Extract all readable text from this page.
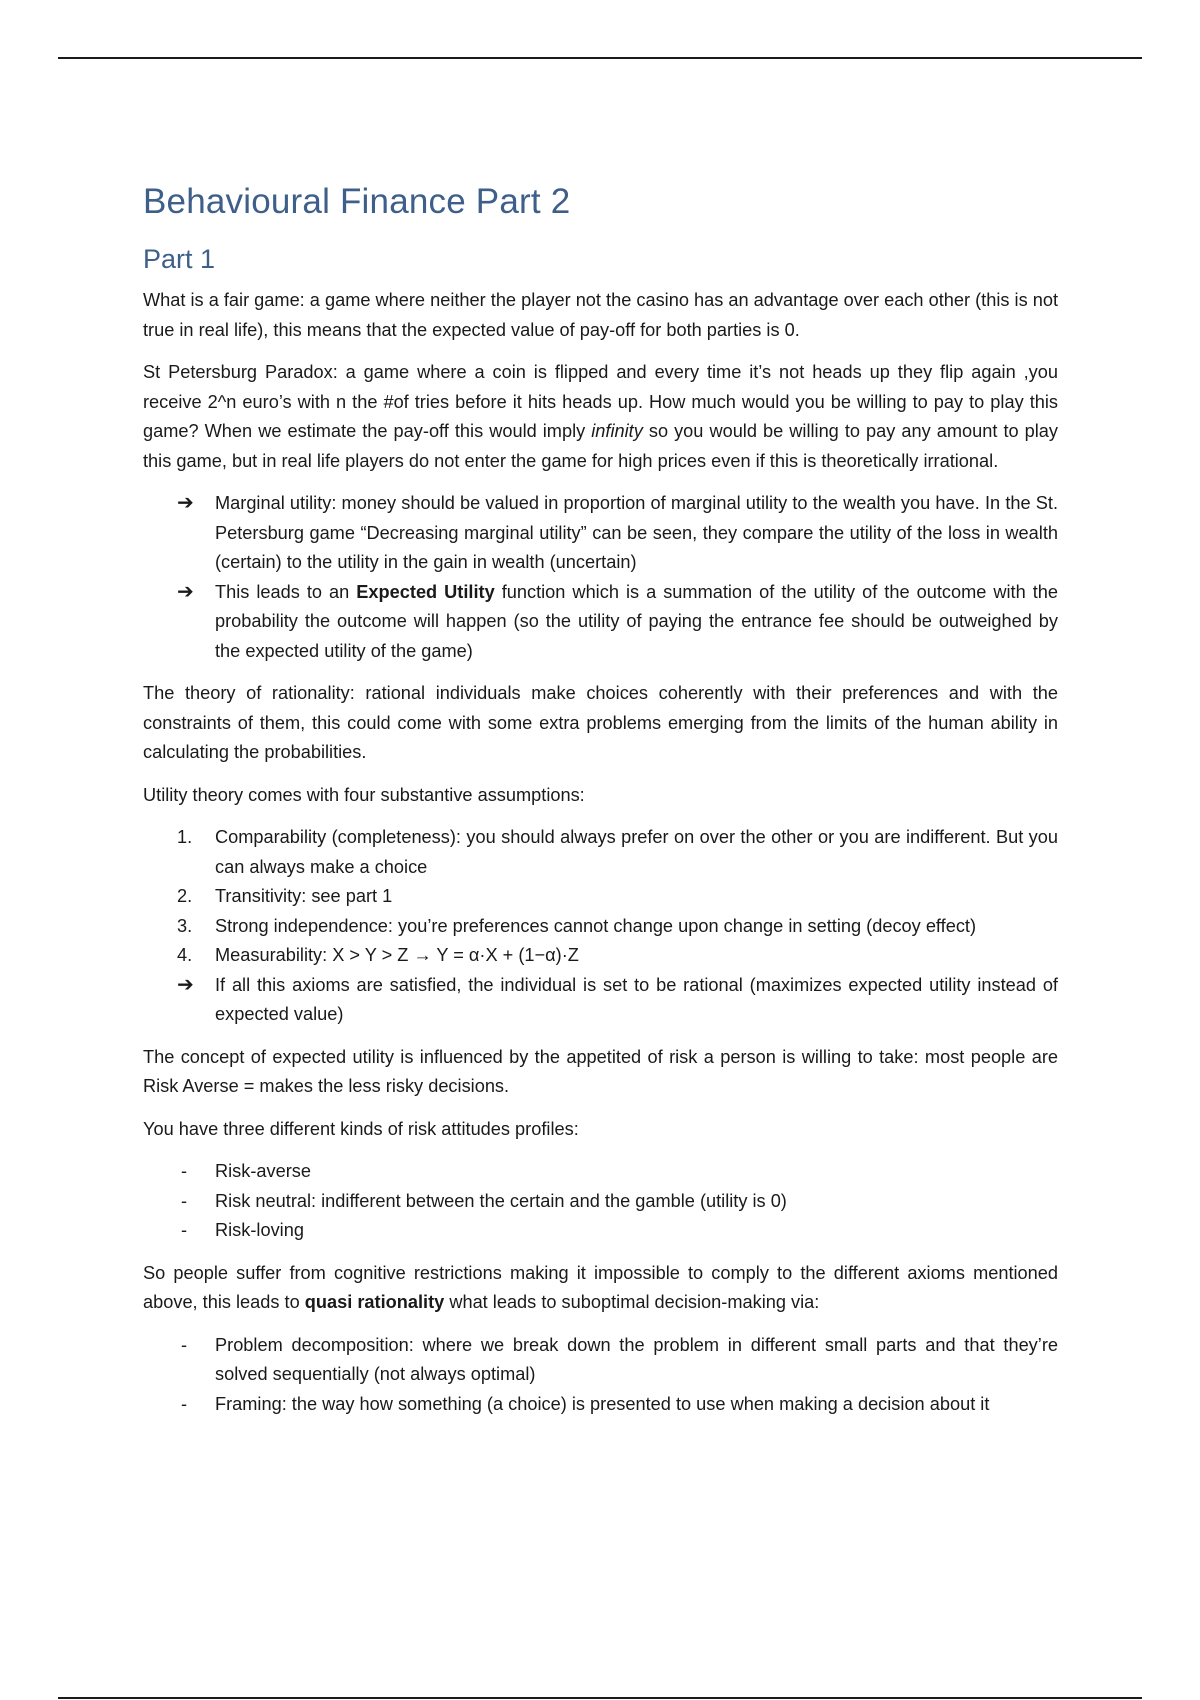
Behavioural Finance Part 2
Part 1

What is a fair game: a game where neither the player not the casino has an advantage over each other (this is not true in real life), this means that the expected value of pay-off for both parties is 0.

St Petersburg Paradox: a game where a coin is flipped and every time it’s not heads up they flip again ,you receive 2^n euro’s with n the #of tries before it hits heads up. How much would you be willing to pay to play this game? When we estimate the pay-off this would imply infinity so you would be willing to pay any amount to play this game, but in real life players do not enter the game for high prices even if this is theoretically irrational.

➔	Marginal utility: money should be valued in proportion of marginal utility to the wealth you have. In the St. Petersburg game “Decreasing marginal utility” can be seen, they compare the utility of the loss in wealth (certain) to the utility in the gain in wealth (uncertain)
➔	This leads to an Expected Utility function which is a summation of the utility of the outcome with the probability the outcome will happen (so the utility of paying the entrance fee should be outweighed by the expected utility of the game)

The theory of rationality: rational individuals make choices coherently with their preferences and with the constraints of them, this could come with some extra problems emerging from the limits of the human ability in calculating the probabilities.

Utility theory comes with four substantive assumptions:

1.	Comparability (completeness): you should always prefer on over the other or you are indifferent. But you can always make a choice
2.	Transitivity: see part 1
3.	Strong independence: you’re preferences cannot change upon change in setting (decoy effect)
4.	Measurability: X > Y > Z → Y = α·X + (1−α)·Z
➔	If all this axioms are satisfied, the individual is set to be rational (maximizes expected utility instead of expected value)

The concept of expected utility is influenced by the appetited of risk a person is willing to take: most people are Risk Averse = makes the less risky decisions.

You have three different kinds of risk attitudes profiles:

-	Risk-averse
-	Risk neutral: indifferent between the certain and the gamble (utility is 0)
-	Risk-loving

So people suffer from cognitive restrictions making it impossible to comply to the different axioms mentioned above, this leads to quasi rationality what leads to suboptimal decision-making via:

-	Problem decomposition: where we break down the problem in different small parts and that they’re solved sequentially (not always optimal)
-	Framing: the way how something (a choice) is presented to use when making a decision about it
